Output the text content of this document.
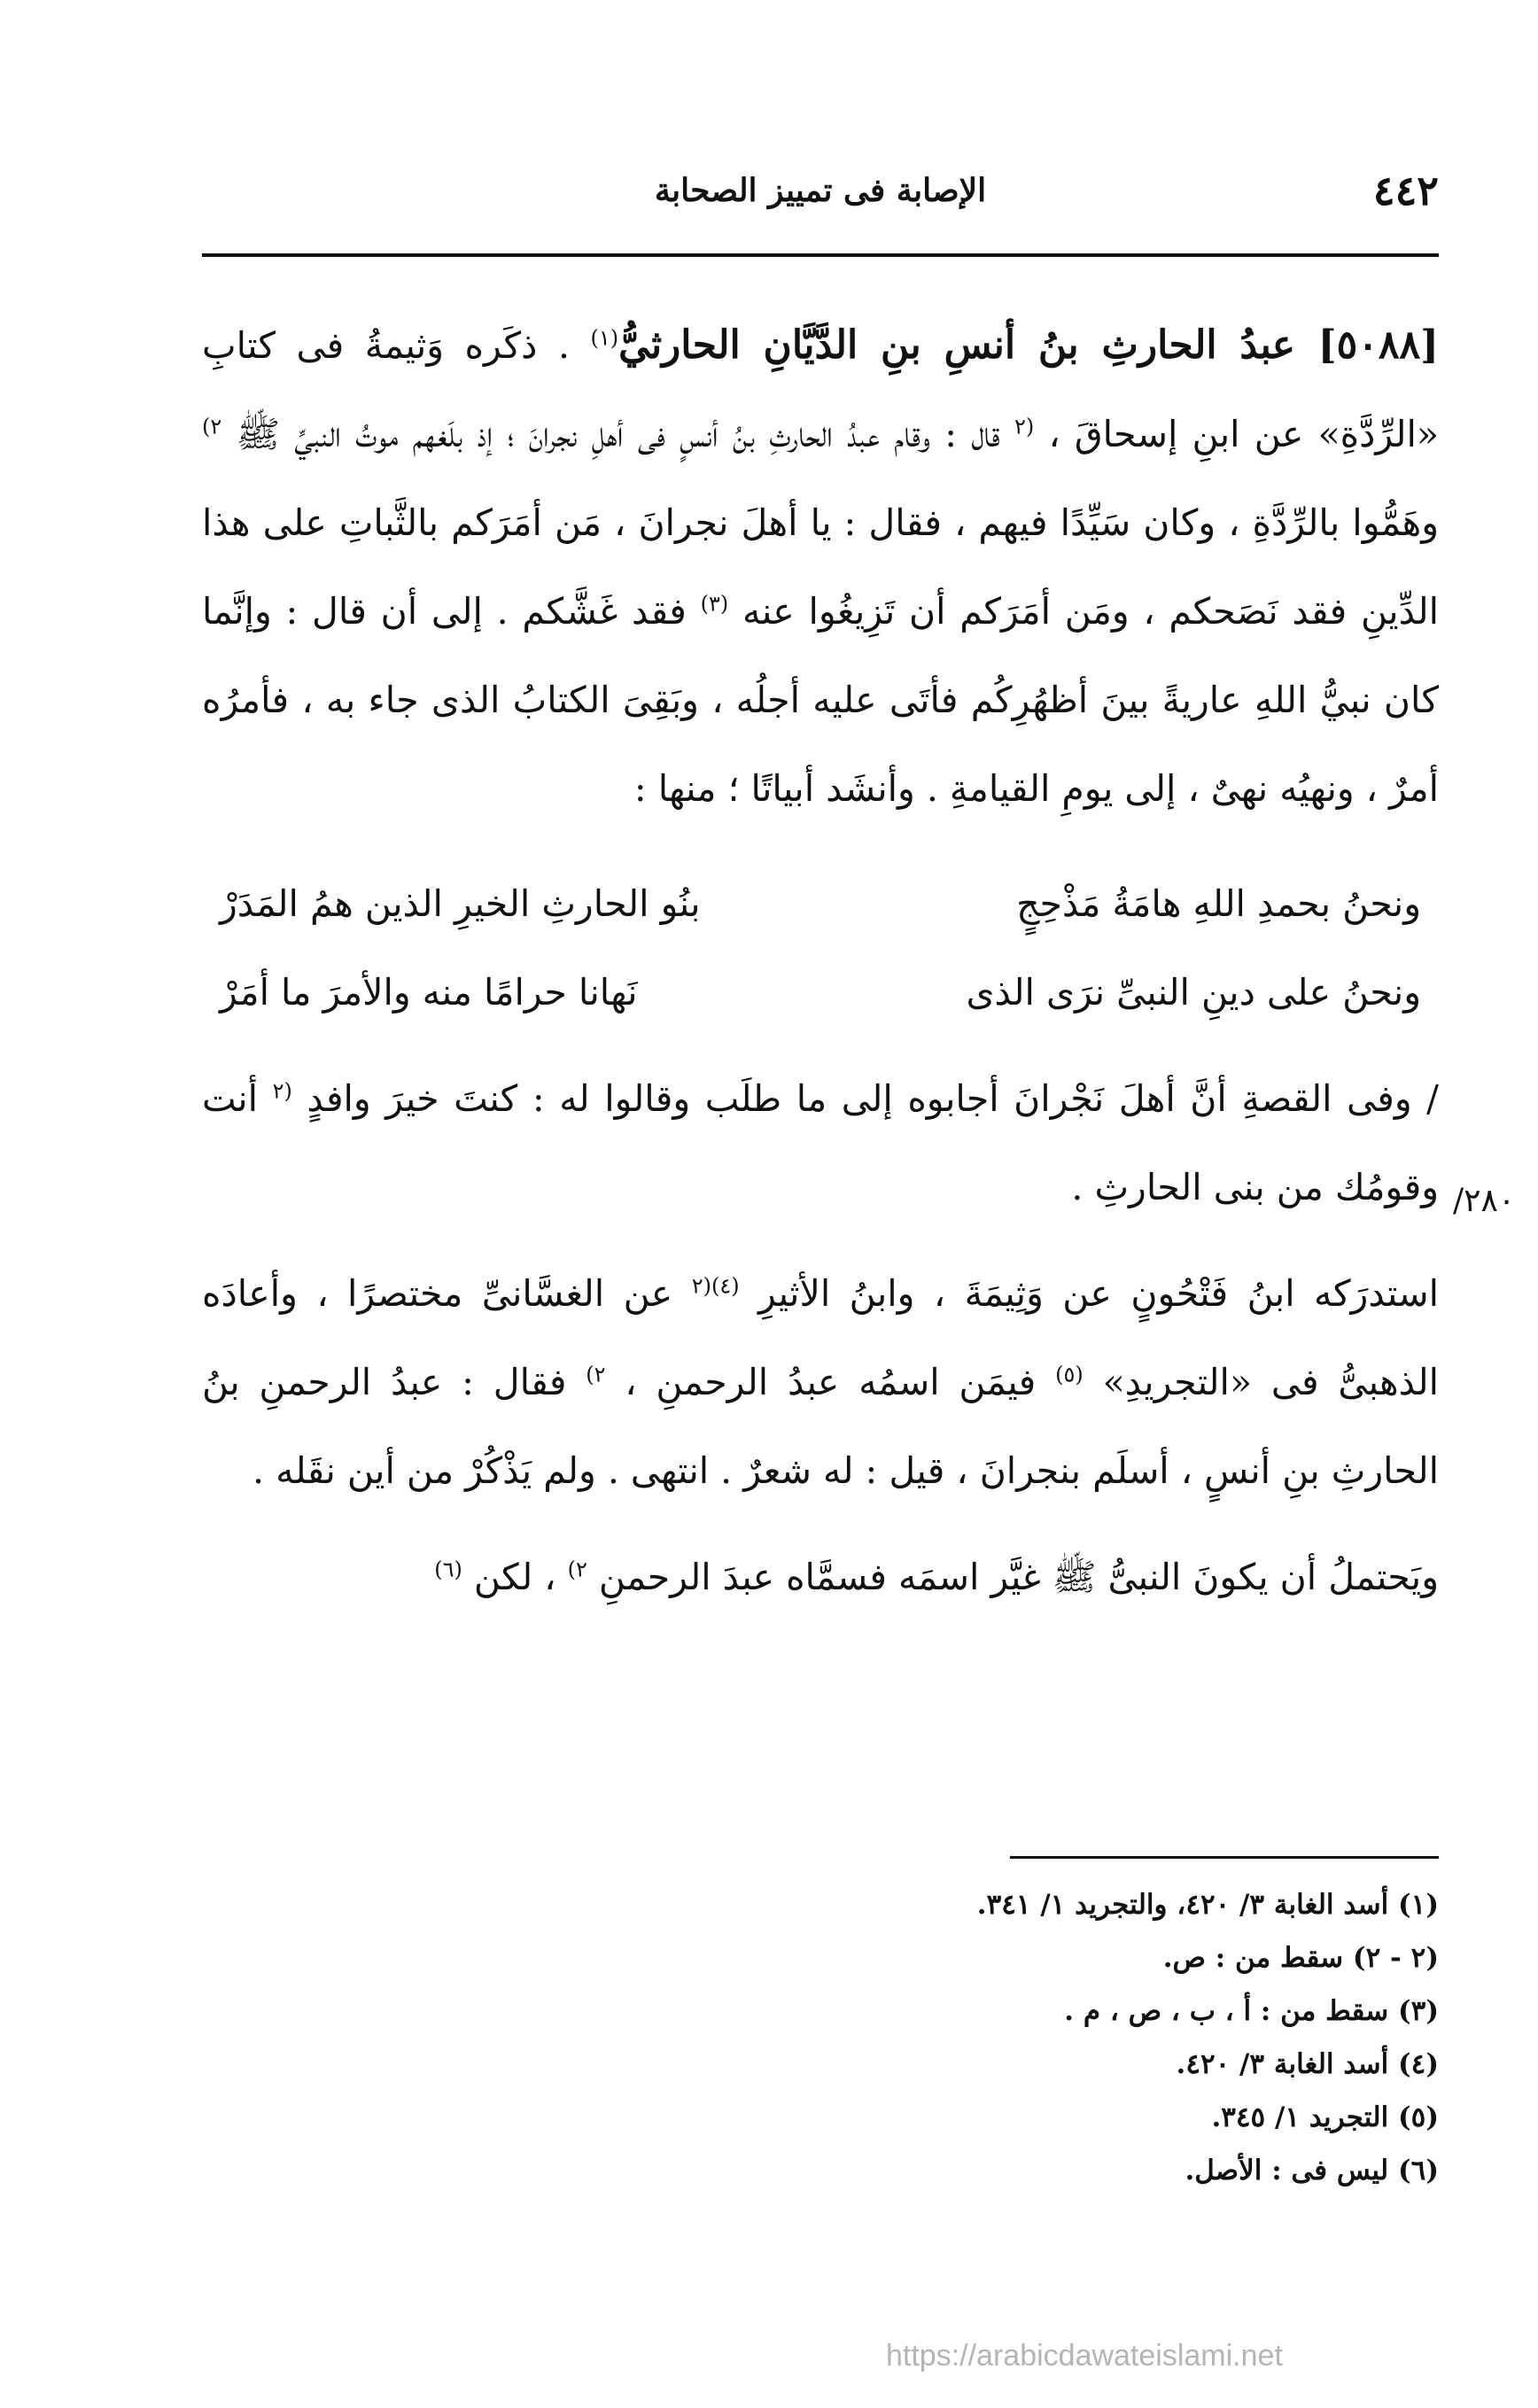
٤٤٢
الإصابة فى تمييز الصحابة

[٥٠٨٨] عبدُ الحارثِ بنُ أنسِ بنِ الدَّيَّانِ الحارثيُّ$^{(١)}$ . ذكَره وَثيمةُ فى كتابِ «الرِّدَّةِ» عن ابنِ إسحاقَ ، $^{(٢}$ قال : وقام عبدُ الحارثِ بنُ أنسٍ فى أهلِ نجرانَ ؛ إذ بلَغهم موتُ النبيِّ ﷺ $^{٢)}$ وهَمُّوا بالرِّدَّةِ ، وكان سَيِّدًا فيهم ، فقال : يا أهلَ نجرانَ ، مَن أمَرَكم بالثَّباتِ على هذا الدِّينِ فقد نَصَحكم ، ومَن أمَرَكم أن تَزِيغُوا عنه $^{(٣)}$ فقد غَشَّكم . إلى أن قال : وإنَّما كان نبيُّ اللهِ عاريةً بينَ أظهُرِكُم فأتَى عليه أجلُه ، وبَقِىَ الكتابُ الذى جاء به ، فأمرُه أمرٌ ، ونهيُه نهىٌ ، إلى يومِ القيامةِ . وأنشَد أبياتًا ؛ منها :

ونحنُ بحمدِ اللهِ هامَةُ مَذْحِجٍ
بنُو الحارثِ الخيرِ الذين همُ المَدَرْ
ونحنُ على دينِ النبىِّ نرَى الذى
نَهانا حرامًا منه والأمرَ ما أمَرْ

/ وفى القصةِ أنَّ أهلَ نَجْرانَ أجابوه إلى ما طلَب وقالوا له : كنتَ خيرَ وافدٍ $^{(٢}$ أنت وقومُك من بنى الحارثِ .

استدرَكه ابنُ فَتْحُونٍ عن وَثِيمَةَ ، وابنُ الأثيرِ $^{(٤)(٢}$ عن الغسَّانىِّ مختصرًا ، وأعادَه الذهبىُّ فى «التجريدِ» $^{(٥)}$ فيمَن اسمُه عبدُ الرحمنِ ، $^{٢)}$ فقال : عبدُ الرحمنِ بنُ الحارثِ بنِ أنسٍ ، أسلَم بنجرانَ ، قيل : له شعرٌ . انتهى . ولم يَذْكُرْ من أين نقَله .

ويَحتملُ أن يكونَ النبىُّ ﷺ غيَّر اسمَه فسمَّاه عبدَ الرحمنِ $^{٢)}$ ، لكن $^{(٦)}$

٢٨٠/

(١) أسد الغابة ٣/ ٤٢٠، والتجريد ١/ ٣٤١.

(٢ - ٢) سقط من : ص.

(٣) سقط من : أ ، ب ، ص ، م .

(٤) أسد الغابة ٣/ ٤٢٠.

(٥) التجريد ١/ ٣٤٥.

(٦) ليس فى : الأصل.

https://arabicdawateislami.net
